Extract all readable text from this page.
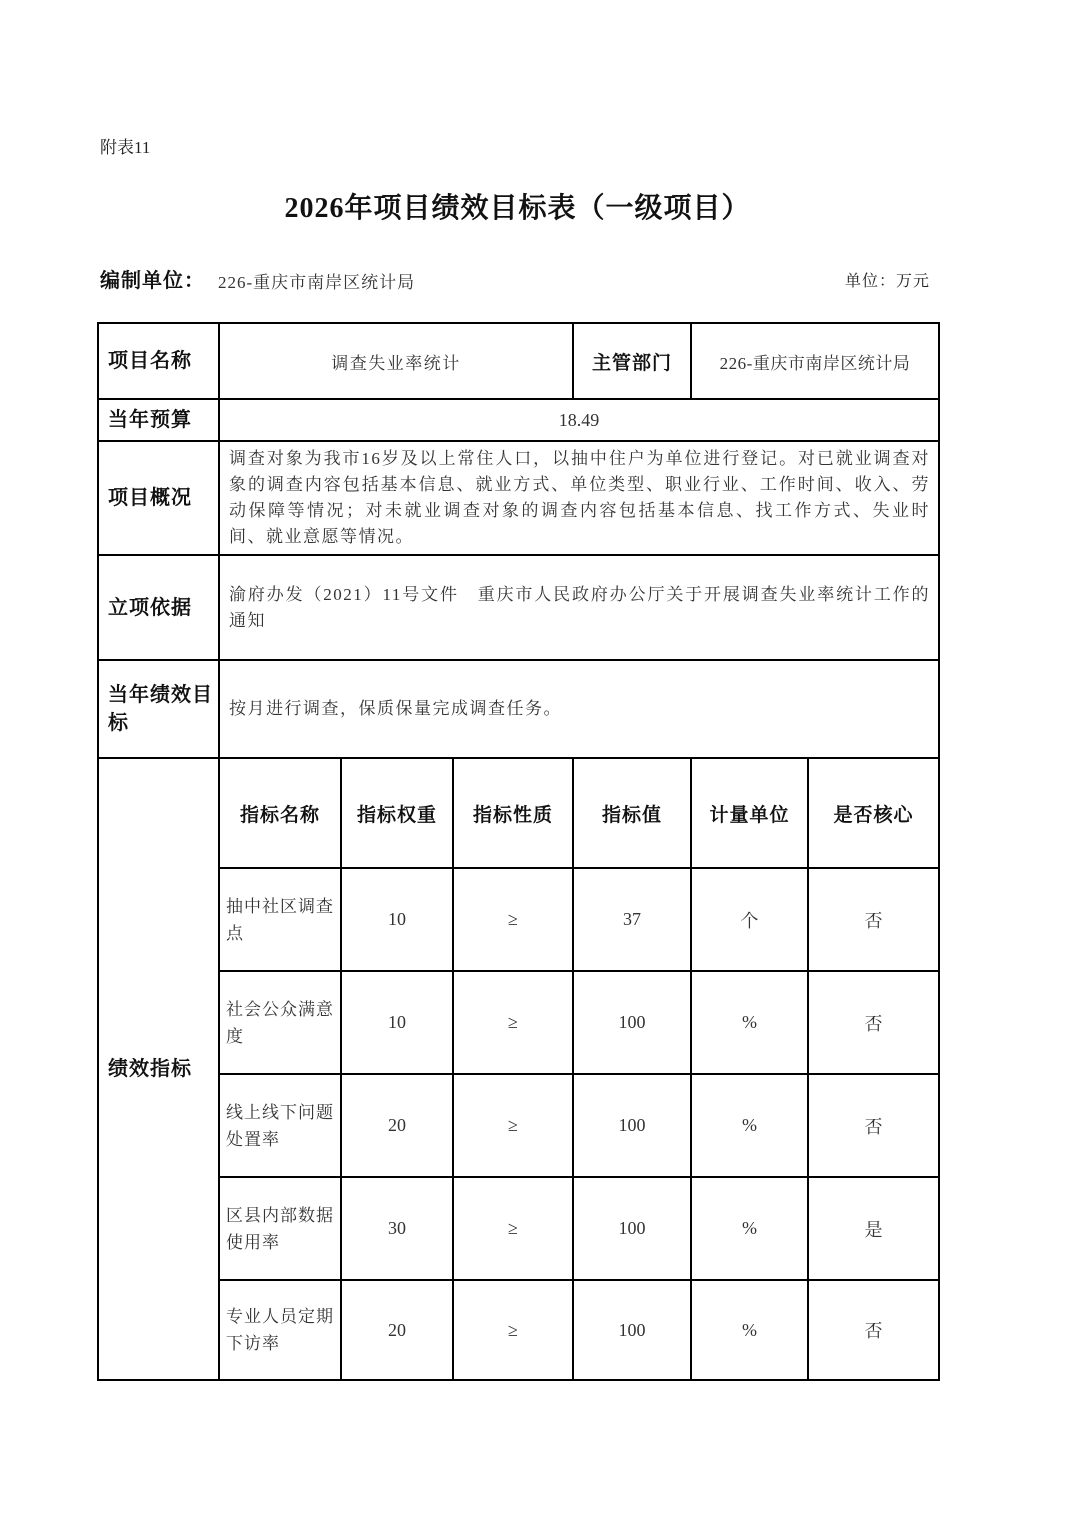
附表11
2026年项目绩效目标表（一级项目）
编制单位： 226-重庆市南岸区统计局	单位：万元
项目名称	调查失业率统计			主管部门	226-重庆市南岸区统计局	
当年预算	18.49					
项目概况	调查对象为我市16岁及以上常住人口，以抽中住户为单位进行登记。对已就业调查对象的调查内容包括基本信息、就业方式、单位类型、职业行业、工作时间、收入、劳动保障等情况；对未就业调查对象的调查内容包括基本信息、找工作方式、失业时间、就业意愿等情况。					
立项依据	渝府办发（2021）11号文件　重庆市人民政府办公厅关于开展调查失业率统计工作的通知					
当年绩效目标	按月进行调查，保质保量完成调查任务。					
绩效指标	指标名称	指标权重	指标性质	指标值	计量单位	是否核心
	抽中社区调查点	10	≥	37	个	否
	社会公众满意度	10	≥	100	%	否
	线上线下问题处置率	20	≥	100	%	否
	区县内部数据使用率	30	≥	100	%	是
	专业人员定期下访率	20	≥	100	%	否
